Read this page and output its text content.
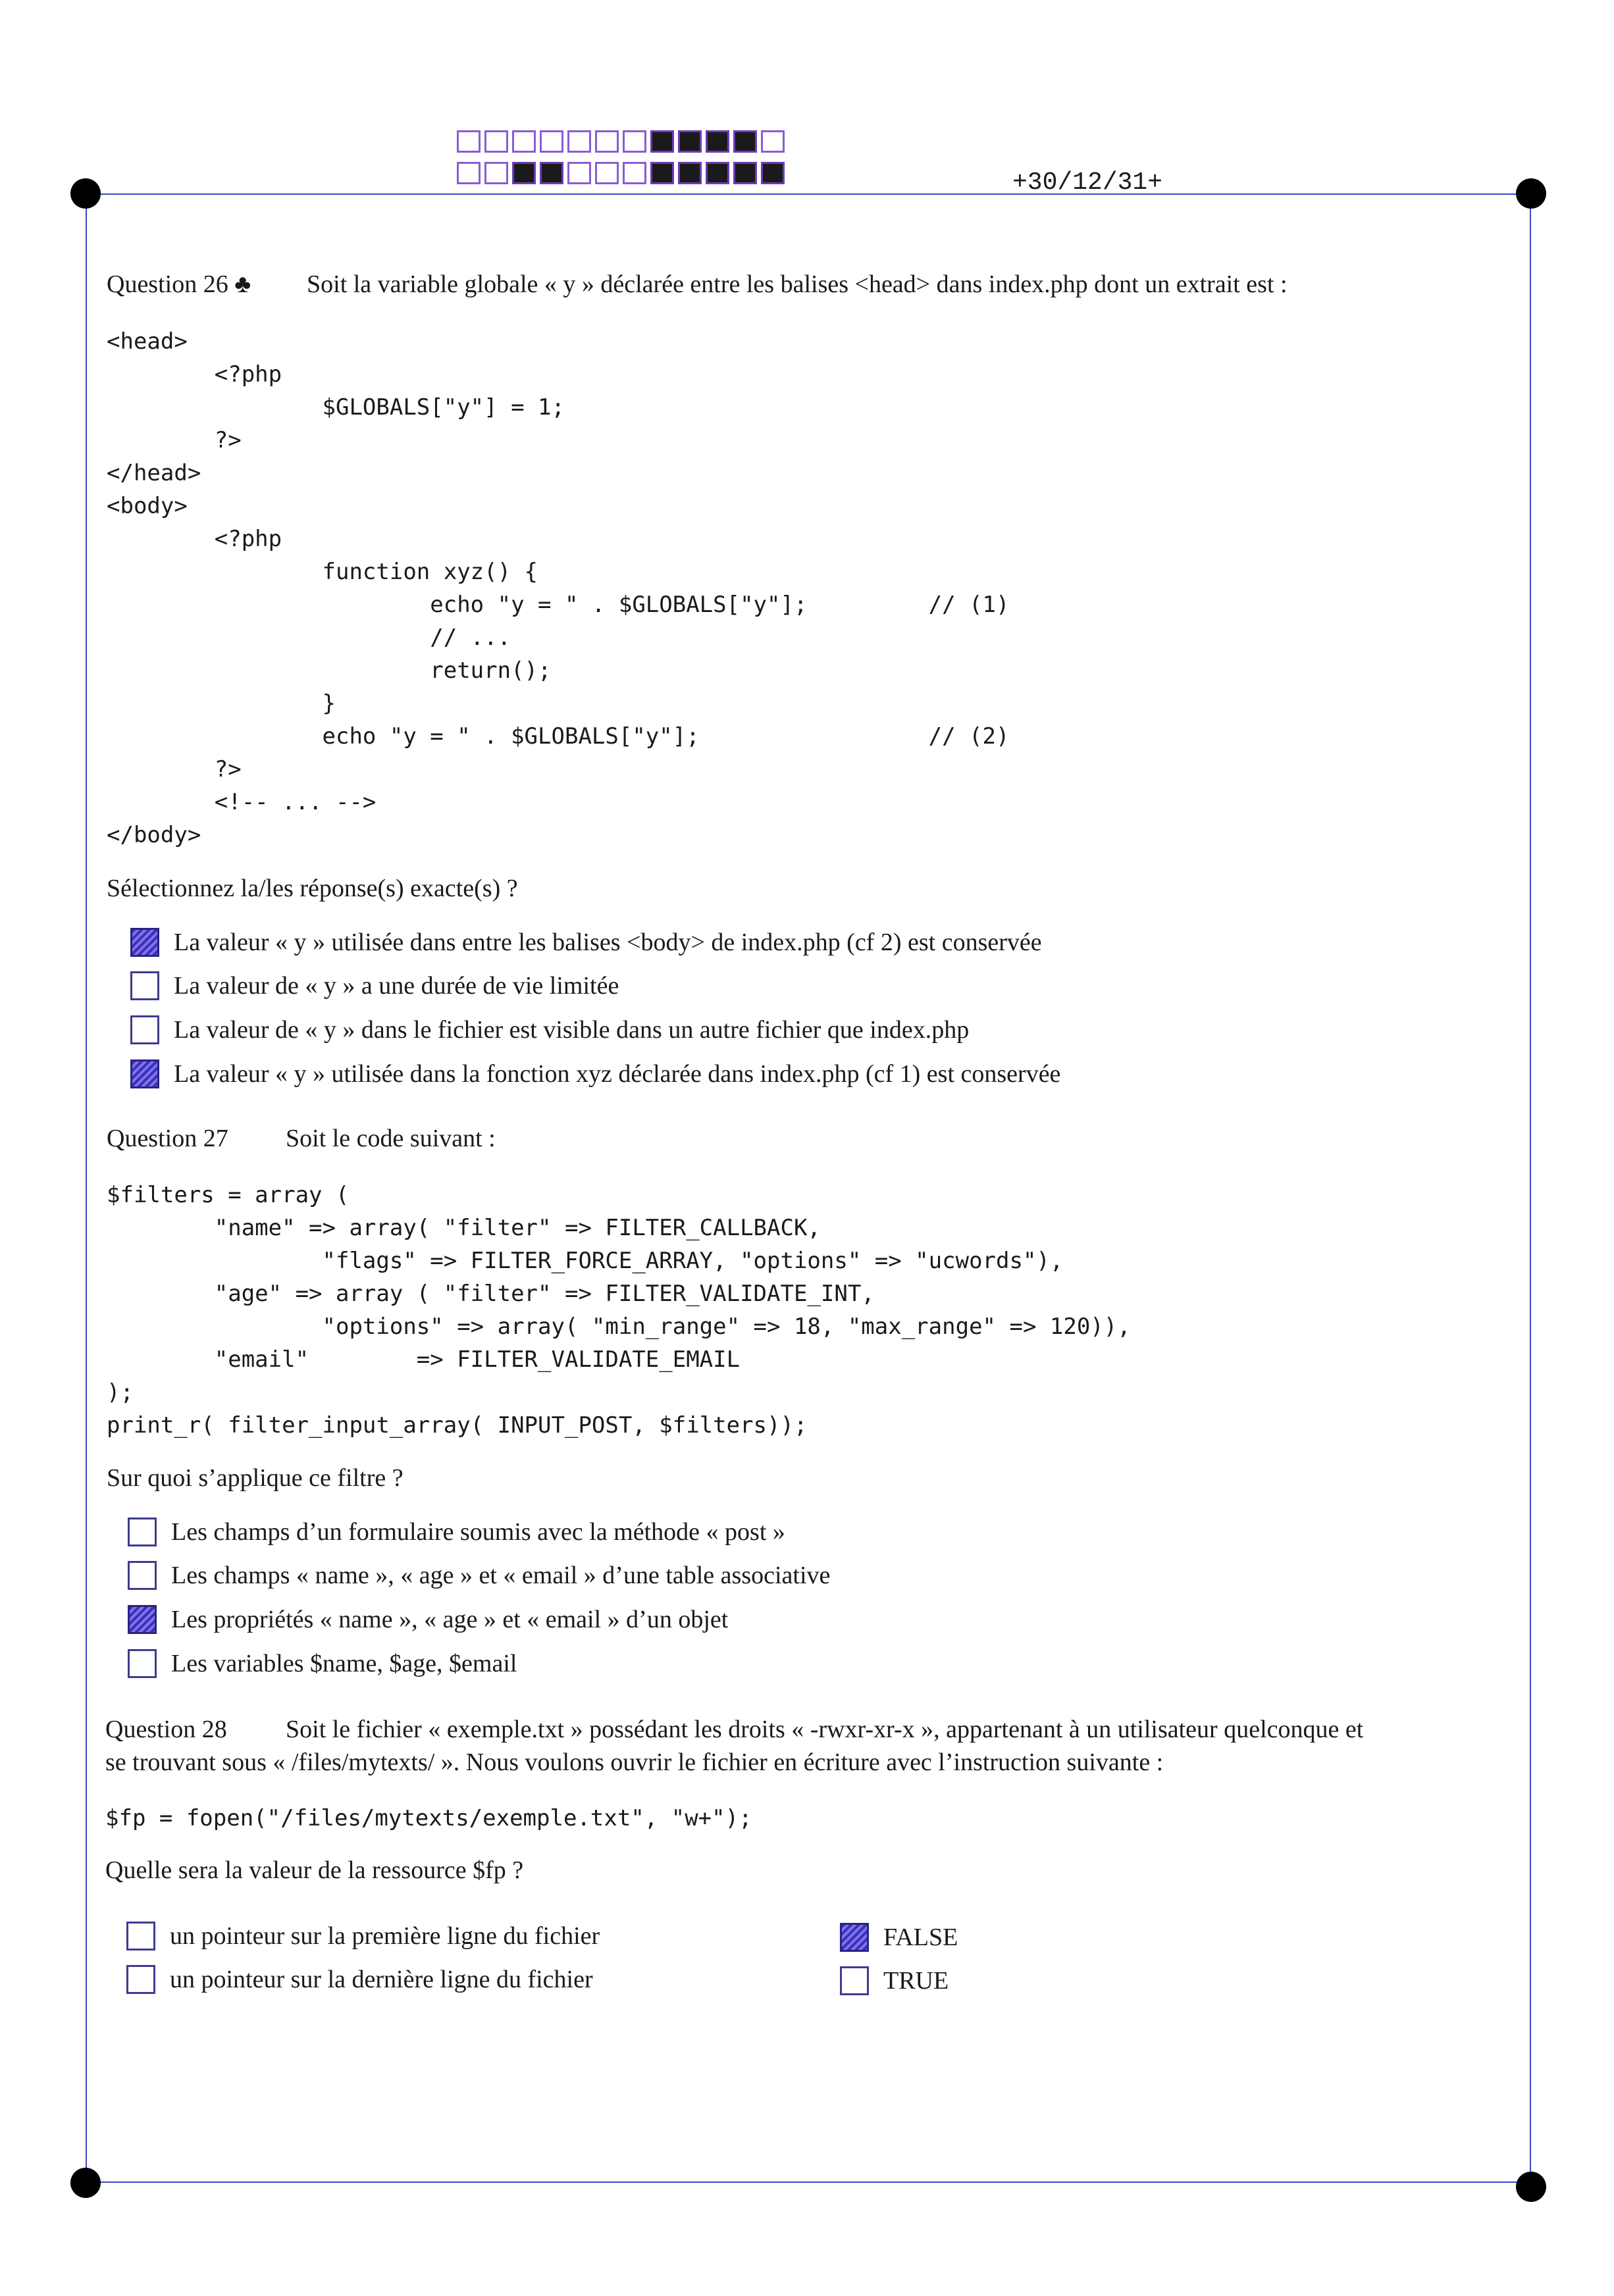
+30/12/31+
Question 26 ♣ Soit la variable globale « y » déclarée entre les balises <head> dans index.php dont un extrait est :
<head>
<?php
$GLOBALS["y"] = 1;
?>
</head>
<body>
<?php
function xyz() {
echo "y = " . $GLOBALS["y"];         // (1)
// ...
return();
}
echo "y = " . $GLOBALS["y"];                 // (2)
?>
<!-- ... -->
</body>
Sélectionnez la/les réponse(s) exacte(s) ?
La valeur « y » utilisée dans entre les balises <body> de index.php (cf 2) est conservée
La valeur de « y » a une durée de vie limitée
La valeur de « y » dans le fichier est visible dans un autre fichier que index.php
La valeur « y » utilisée dans la fonction xyz déclarée dans index.php (cf 1) est conservée
Question 27 Soit le code suivant :
$filters = array (
"name" => array( "filter" => FILTER_CALLBACK,
"flags" => FILTER_FORCE_ARRAY, "options" => "ucwords"),
"age" => array ( "filter" => FILTER_VALIDATE_INT,
"options" => array( "min_range" => 18, "max_range" => 120)),
"email"        => FILTER_VALIDATE_EMAIL
);
print_r( filter_input_array( INPUT_POST, $filters));
Sur quoi s’applique ce filtre ?
Les champs d’un formulaire soumis avec la méthode « post »
Les champs « name », « age » et « email » d’une table associative
Les propriétés « name », « age » et « email » d’un objet
Les variables $name, $age, $email
Question 28 Soit le fichier « exemple.txt » possédant les droits « -rwxr-xr-x », appartenant à un utilisateur quelconque et
se trouvant sous « /files/mytexts/ ». Nous voulons ouvrir le fichier en écriture avec l’instruction suivante :
$fp = fopen("/files/mytexts/exemple.txt", "w+");
Quelle sera la valeur de la ressource $fp ?
un pointeur sur la première ligne du fichier
un pointeur sur la dernière ligne du fichier
FALSE
TRUE
